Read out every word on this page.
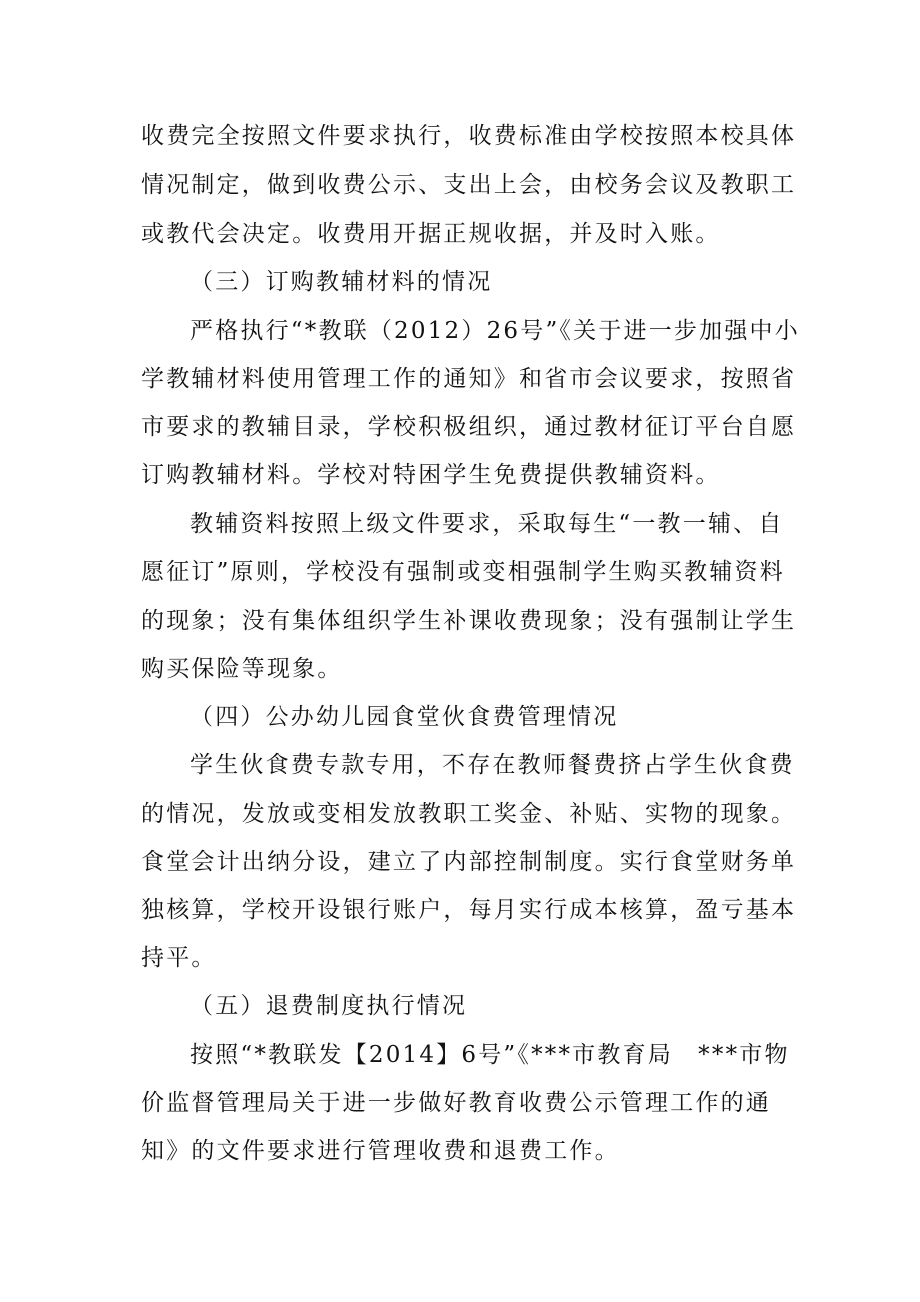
收费完全按照文件要求执行，收费标准由学校按照本校具体
情况制定，做到收费公示、支出上会，由校务会议及教职工
或教代会决定。收费用开据正规收据，并及时入账。
（三）订购教辅材料的情况
严格执行“*教联（2012）26号”《关于进一步加强中小
学教辅材料使用管理工作的通知》和省市会议要求，按照省
市要求的教辅目录，学校积极组织，通过教材征订平台自愿
订购教辅材料。学校对特困学生免费提供教辅资料。
教辅资料按照上级文件要求，采取每生“一教一辅、自
愿征订”原则，学校没有强制或变相强制学生购买教辅资料
的现象；没有集体组织学生补课收费现象；没有强制让学生
购买保险等现象。
（四）公办幼儿园食堂伙食费管理情况
学生伙食费专款专用，不存在教师餐费挤占学生伙食费
的情况，发放或变相发放教职工奖金、补贴、实物的现象。
食堂会计出纳分设，建立了内部控制制度。实行食堂财务单
独核算，学校开设银行账户，每月实行成本核算，盈亏基本
持平。
（五）退费制度执行情况
按照“*教联发【2014】6号”《***市教育局　***市物
价监督管理局关于进一步做好教育收费公示管理工作的通
知》的文件要求进行管理收费和退费工作。
